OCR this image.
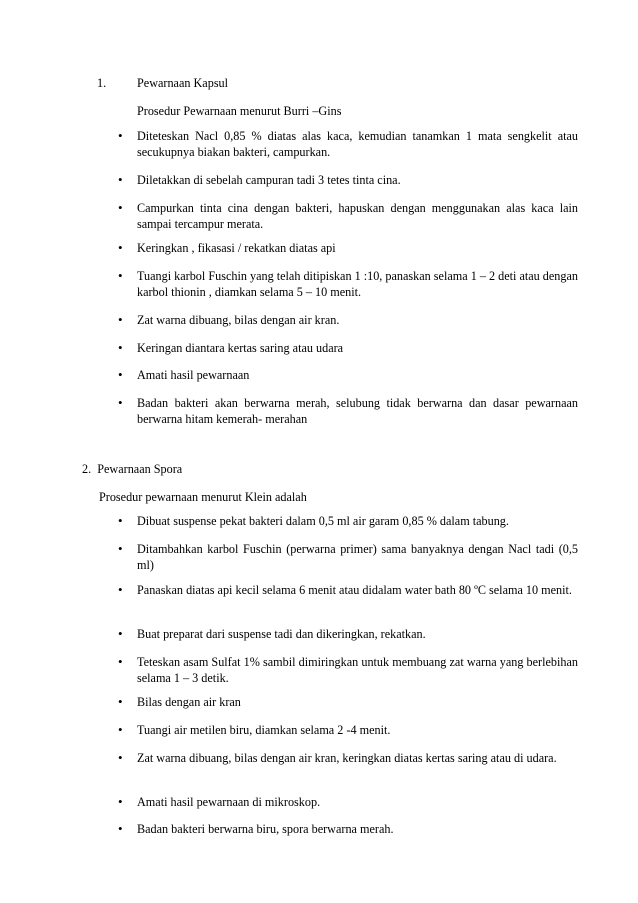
1.	Pewarnaan Kapsul
Prosedur Pewarnaan menurut Burri –Gins
•	Diteteskan Nacl 0,85 % diatas alas kaca, kemudian tanamkan 1 mata sengkelit atau secukupnya biakan bakteri, campurkan.
•	Diletakkan di sebelah campuran tadi 3 tetes tinta cina.
•	Campurkan tinta cina dengan bakteri, hapuskan dengan menggunakan alas kaca lain sampai tercampur merata.
•	Keringkan , fikasasi / rekatkan diatas api
•	Tuangi karbol Fuschin yang telah ditipiskan 1 :10, panaskan selama 1 – 2 deti atau dengan karbol thionin , diamkan selama 5 – 10 menit.
•	Zat warna dibuang, bilas dengan air kran.
•	Keringan diantara kertas saring atau udara
•	Amati hasil pewarnaan
•	Badan bakteri akan berwarna merah, selubung tidak berwarna dan dasar pewarnaan berwarna hitam kemerah- merahan
2.  Pewarnaan Spora
Prosedur pewarnaan menurut Klein adalah
•	Dibuat suspense pekat bakteri dalam 0,5 ml air garam 0,85 % dalam tabung.
•	Ditambahkan karbol Fuschin (perwarna primer) sama banyaknya dengan Nacl tadi (0,5 ml)
•	Panaskan diatas api kecil selama 6 menit atau didalam water bath 80 ºC selama 10 menit.
•	Buat preparat dari suspense tadi dan dikeringkan, rekatkan.
•	Teteskan asam Sulfat 1% sambil dimiringkan untuk membuang zat warna yang berlebihan selama 1 – 3 detik.
•	Bilas dengan air kran
•	Tuangi air metilen biru, diamkan selama 2 -4 menit.
•	Zat warna dibuang, bilas dengan air kran, keringkan diatas kertas saring atau di udara.
•	Amati hasil pewarnaan di mikroskop.
•	Badan bakteri berwarna biru, spora berwarna merah.
